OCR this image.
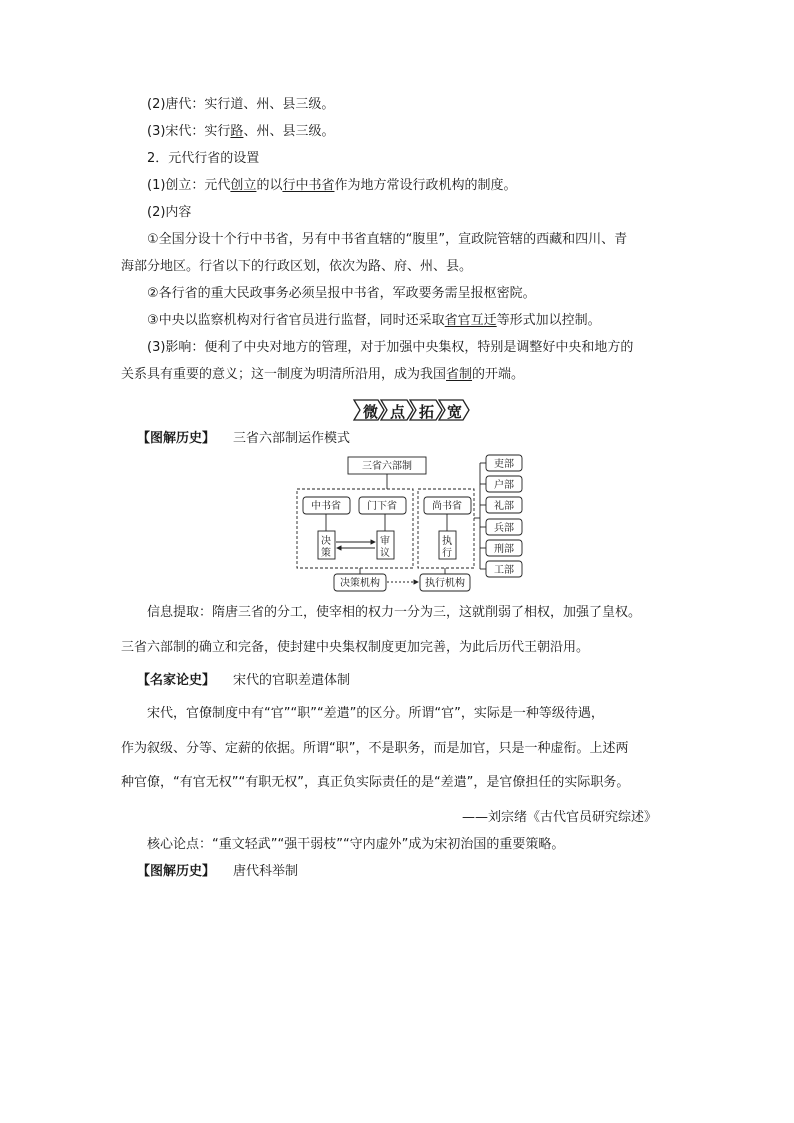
(2)唐代：实行道、州、县三级。
(3)宋代：实行路、州、县三级。
2．元代行省的设置
(1)创立：元代创立的以行中书省作为地方常设行政机构的制度。
(2)内容
①全国分设十个行中书省，另有中书省直辖的“腹里”，宣政院管辖的西藏和四川、青
海部分地区。行省以下的行政区划，依次为路、府、州、县。
②各行省的重大民政事务必须呈报中书省，军政要务需呈报枢密院。
③中央以监察机构对行省官员进行监督，同时还采取省官互迁等形式加以控制。
(3)影响：便利了中央对地方的管理，对于加强中央集权，特别是调整好中央和地方的
关系具有重要的意义；这一制度为明清所沿用，成为我国省制的开端。
微 点 拓 宽
【图解历史】 三省六部制运作模式
三省六部制
中书省	门下省	尚书省
决	审	执
决策机构	执行机构
吏部
户部
礼部
兵部
刑部
工部
策	议	行
信息提取：隋唐三省的分工，使宰相的权力一分为三，这就削弱了相权，加强了皇权。
三省六部制的确立和完备，使封建中央集权制度更加完善，为此后历代王朝沿用。
【名家论史】 宋代的官职差遣体制
宋代，官僚制度中有“官”“职”“差遣”的区分。所谓“官”，实际是一种等级待遇，
作为叙级、分等、定薪的依据。所谓“职”，不是职务，而是加官，只是一种虚衔。上述两
种官僚，“有官无权”“有职无权”，真正负实际责任的是“差遣”，是官僚担任的实际职务。
——刘宗绪《古代官员研究综述》
核心论点：“重文轻武”“强干弱枝”“守内虚外”成为宋初治国的重要策略。
【图解历史】 唐代科举制
